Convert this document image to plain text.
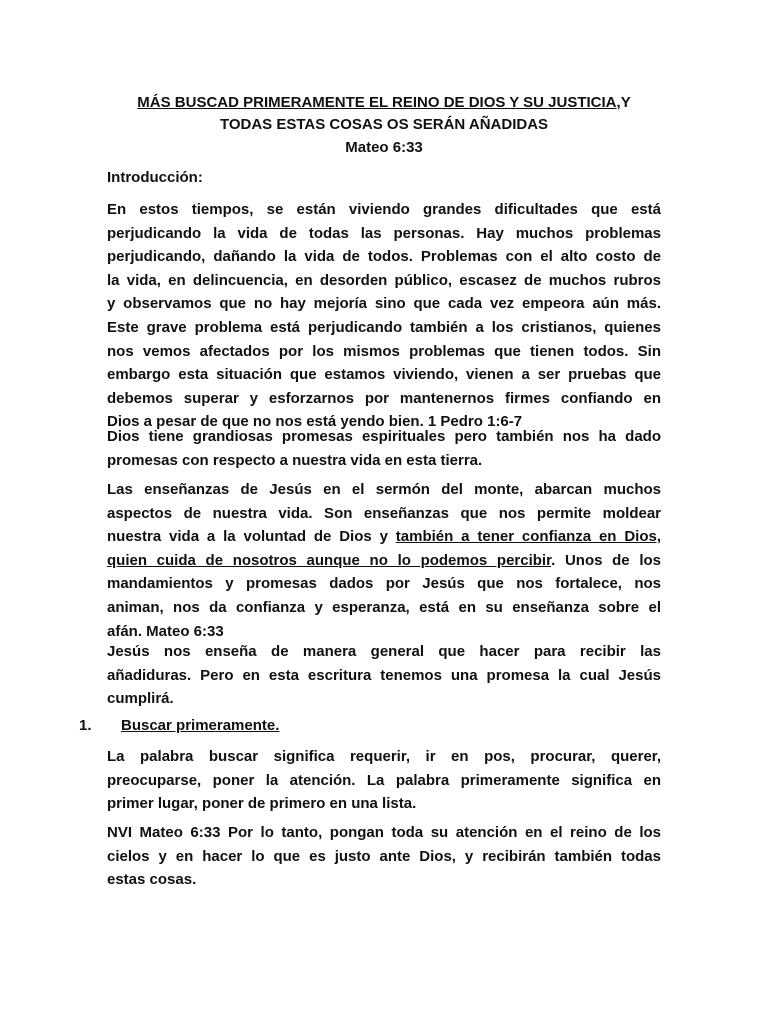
MÁS BUSCAD PRIMERAMENTE EL REINO DE DIOS Y SU JUSTICIA,Y
TODAS ESTAS COSAS OS SERÁN AÑADIDAS
Mateo 6:33
Introducción:
En estos tiempos, se están viviendo grandes dificultades que está
perjudicando la vida de todas las personas. Hay muchos problemas
perjudicando, dañando la vida de todos. Problemas con el alto costo de
la vida, en delincuencia, en desorden público, escasez de muchos rubros
y observamos que no hay mejoría sino que cada vez empeora aún más.
Este grave problema está perjudicando también a los cristianos, quienes
nos vemos afectados por los mismos problemas que tienen todos. Sin
embargo esta situación que estamos viviendo, vienen a ser pruebas que
debemos superar y esforzarnos por mantenernos firmes confiando en
Dios a pesar de que no nos está yendo bien. 1 Pedro 1:6-7
Dios tiene grandiosas promesas espirituales pero también nos ha dado
promesas con respecto a nuestra vida en esta tierra.
Las enseñanzas de Jesús en el sermón del monte, abarcan muchos
aspectos de nuestra vida. Son enseñanzas que nos permite moldear
nuestra vida a la voluntad de Dios y también a tener confianza en Dios,
quien cuida de nosotros aunque no lo podemos percibir. Unos de los
mandamientos y promesas dados por Jesús que nos fortalece, nos
animan, nos da confianza y esperanza, está en su enseñanza sobre el
afán. Mateo 6:33
Jesús nos enseña de manera general que hacer para recibir las
añadiduras. Pero en esta escritura tenemos una promesa la cual Jesús
cumplirá.
1. Buscar primeramente.
La palabra buscar significa requerir, ir en pos, procurar, querer,
preocuparse, poner la atención. La palabra primeramente significa en
primer lugar, poner de primero en una lista.
NVI Mateo 6:33 Por lo tanto, pongan toda su atención en el reino de los
cielos y en hacer lo que es justo ante Dios, y recibirán también todas
estas cosas.
